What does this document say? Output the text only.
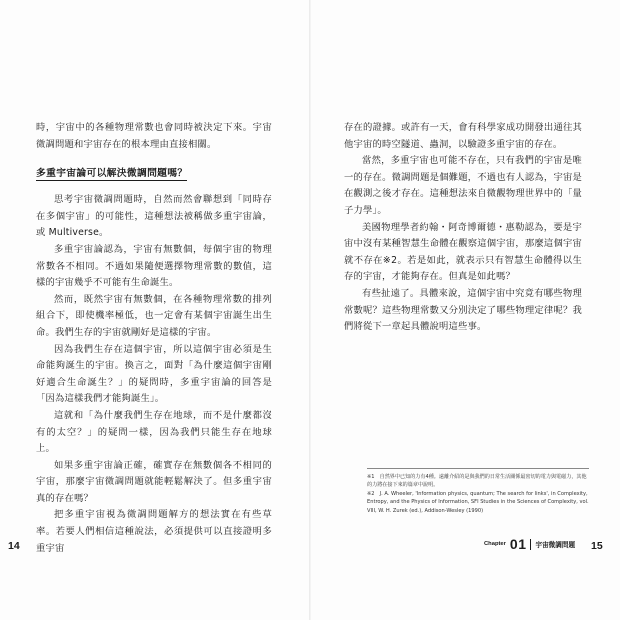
時，宇宙中的各種物理常數也會同時被決定下來。宇宙微調問題和宇宙存在的根本理由直接相關。

多重宇宙論可以解決微調問題嗎？

思考宇宙微調問題時，自然而然會聯想到「同時存在多個宇宙」的可能性，這種想法被稱做多重宇宙論，或 Multiverse。

多重宇宙論認為，宇宙有無數個，每個宇宙的物理常數各不相同。不過如果隨便選擇物理常數的數值，這樣的宇宙幾乎不可能有生命誕生。

然而，既然宇宙有無數個，在各種物理常數的排列組合下，即使機率極低，也一定會有某個宇宙誕生出生命。我們生存的宇宙就剛好是這樣的宇宙。

因為我們生存在這個宇宙，所以這個宇宙必須是生命能夠誕生的宇宙。換言之，面對「為什麼這個宇宙剛好適合生命誕生？」的疑問時，多重宇宙論的回答是「因為這樣我們才能夠誕生」。

這就和「為什麼我們生存在地球，而不是什麼都沒有的太空？」的疑問一樣，因為我們只能生存在地球上。

如果多重宇宙論正確，確實存在無數個各不相同的宇宙，那麼宇宙微調問題就能輕鬆解決了。但多重宇宙真的存在嗎？

把多重宇宙視為微調問題解方的想法實在有些草率。若要人們相信這種說法，必須提供可以直接證明多重宇宙

14

存在的證據。或許有一天，會有科學家成功開發出通往其他宇宙的時空隧道、蟲洞，以驗證多重宇宙的存在。

當然，多重宇宙也可能不存在，只有我們的宇宙是唯一的存在。微調問題是個難題，不過也有人認為，宇宙是在觀測之後才存在。這種想法來自微觀物理世界中的「量子力學」。

美國物理學者約翰・阿奇博爾德・惠勒認為，要是宇宙中沒有某種智慧生命體在觀察這個宇宙，那麼這個宇宙就不存在※2。若是如此，就表示只有智慧生命體得以生存的宇宙，才能夠存在。但真是如此嗎？

有些扯遠了。具體來說，這個宇宙中究竟有哪些物理常數呢？這些物理常數又分別決定了哪些物理定律呢？我們將從下一章起具體說明這些事。

※1　自然界中已知的力有4種。遠離介紹的是與我們的日常生活關係最密切的電力與電磁力，其他的力將在接下來的篇章中說明。

※2　J. A. Wheeler, 'Information physics, quantum; The search for links', in Complexity, Entropy, and the Physics of Information, SFI Studies in the Sciences of Complexity, vol. VIII, W. H. Zurek (ed.), Addison-Wesley (1990)

Chapter 01 宇宙微調問題 15
